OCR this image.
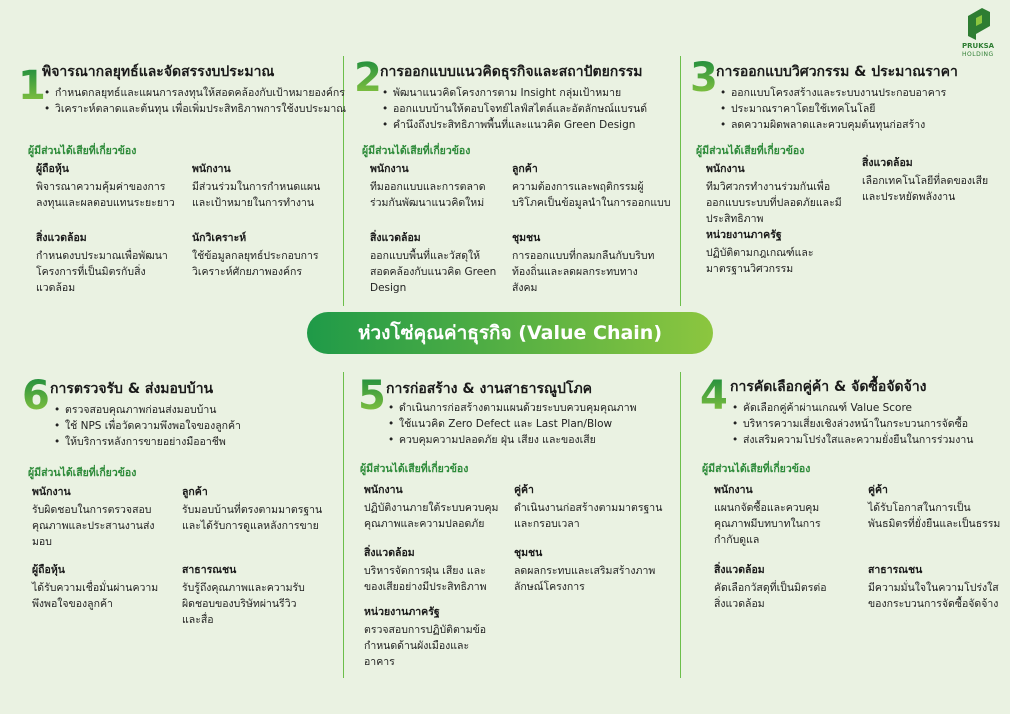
PRUKSA
HOLDING
ห่วงโซ่คุณค่าธุรกิจ (Value Chain)
1
พิจารณากลยุทธ์และจัดสรรงบประมาณ
• กำหนดกลยุทธ์และแผนการลงทุนให้สอดคล้องกับเป้าหมายองค์กร
• วิเคราะห์ตลาดและต้นทุน เพื่อเพิ่มประสิทธิภาพการใช้งบประมาณ
ผู้มีส่วนได้เสียที่เกี่ยวข้อง
ผู้ถือหุ้น
พิจารณาความคุ้มค่าของการลงทุนและผลตอบแทนระยะยาว
พนักงาน
มีส่วนร่วมในการกำหนดแผนและเป้าหมายในการทำงาน
สิ่งแวดล้อม
กำหนดงบประมาณเพื่อพัฒนาโครงการที่เป็นมิตรกับสิ่งแวดล้อม
นักวิเคราะห์
ใช้ข้อมูลกลยุทธ์ประกอบการวิเคราะห์ศักยภาพองค์กร
2
การออกแบบแนวคิดธุรกิจและสถาปัตยกรรม
• พัฒนาแนวคิดโครงการตาม Insight กลุ่มเป้าหมาย
• ออกแบบบ้านให้ตอบโจทย์ไลฟ์สไตล์และอัตลักษณ์แบรนด์
• คำนึงถึงประสิทธิภาพพื้นที่และแนวคิด Green Design
ผู้มีส่วนได้เสียที่เกี่ยวข้อง
พนักงาน
ทีมออกแบบและการตลาดร่วมกันพัฒนาแนวคิดใหม่
ลูกค้า
ความต้องการและพฤติกรรมผู้บริโภคเป็นข้อมูลนำในการออกแบบ
สิ่งแวดล้อม
ออกแบบพื้นที่และวัสดุให้สอดคล้องกับแนวคิด Green Design
ชุมชน
การออกแบบที่กลมกลืนกับบริบทท้องถิ่นและลดผลกระทบทางสังคม
3
การออกแบบวิศวกรรม & ประมาณราคา
• ออกแบบโครงสร้างและระบบงานประกอบอาคาร
• ประมาณราคาโดยใช้เทคโนโลยี
• ลดความผิดพลาดและควบคุมต้นทุนก่อสร้าง
ผู้มีส่วนได้เสียที่เกี่ยวข้อง
พนักงาน
ทีมวิศวกรทำงานร่วมกันเพื่อออกแบบระบบที่ปลอดภัยและมีประสิทธิภาพ
สิ่งแวดล้อม
เลือกเทคโนโลยีที่ลดของเสียและประหยัดพลังงาน
หน่วยงานภาครัฐ
ปฏิบัติตามกฎเกณฑ์และมาตรฐานวิศวกรรม
6 การตรวจรับ & ส่งมอบบ้าน
• ตรวจสอบคุณภาพก่อนส่งมอบบ้าน
• ใช้ NPS เพื่อวัดความพึงพอใจของลูกค้า
• ให้บริการหลังการขายอย่างมืออาชีพ
ผู้มีส่วนได้เสียที่เกี่ยวข้อง
พนักงาน
รับผิดชอบในการตรวจสอบคุณภาพและประสานงานส่งมอบ
ลูกค้า
รับมอบบ้านที่ตรงตามมาตรฐานและได้รับการดูแลหลังการขาย
ผู้ถือหุ้น
ได้รับความเชื่อมั่นผ่านความพึงพอใจของลูกค้า
สาธารณชน
รับรู้ถึงคุณภาพและความรับผิดชอบของบริษัทผ่านรีวิวและสื่อ
5 การก่อสร้าง & งานสาธารณูปโภค
• ดำเนินการก่อสร้างตามแผนด้วยระบบควบคุมคุณภาพ
• ใช้แนวคิด Zero Defect และ Last Plan/Blow
• ควบคุมความปลอดภัย ฝุ่น เสียง และของเสีย
ผู้มีส่วนได้เสียที่เกี่ยวข้อง
พนักงาน
ปฏิบัติงานภายใต้ระบบควบคุมคุณภาพและความปลอดภัย
คู่ค้า
ดำเนินงานก่อสร้างตามมาตรฐานและกรอบเวลา
สิ่งแวดล้อม
บริหารจัดการฝุ่น เสียง และของเสียอย่างมีประสิทธิภาพ
ชุมชน
ลดผลกระทบและเสริมสร้างภาพลักษณ์โครงการ
หน่วยงานภาครัฐ
ตรวจสอบการปฏิบัติตามข้อกำหนดด้านผังเมืองและอาคาร
4 การคัดเลือกคู่ค้า & จัดซื้อจัดจ้าง
• คัดเลือกคู่ค้าผ่านเกณฑ์ Value Score
• บริหารความเสี่ยงเชิงล่วงหน้าในกระบวนการจัดซื้อ
• ส่งเสริมความโปร่งใสและความยั่งยืนในการร่วมงาน
ผู้มีส่วนได้เสียที่เกี่ยวข้อง
พนักงาน
แผนกจัดซื้อและควบคุมคุณภาพมีบทบาทในการกำกับดูแล
คู่ค้า
ได้รับโอกาสในการเป็นพันธมิตรที่ยั่งยืนและเป็นธรรม
สิ่งแวดล้อม
คัดเลือกวัสดุที่เป็นมิตรต่อสิ่งแวดล้อม
สาธารณชน
มีความมั่นใจในความโปร่งใสของกระบวนการจัดซื้อจัดจ้าง
